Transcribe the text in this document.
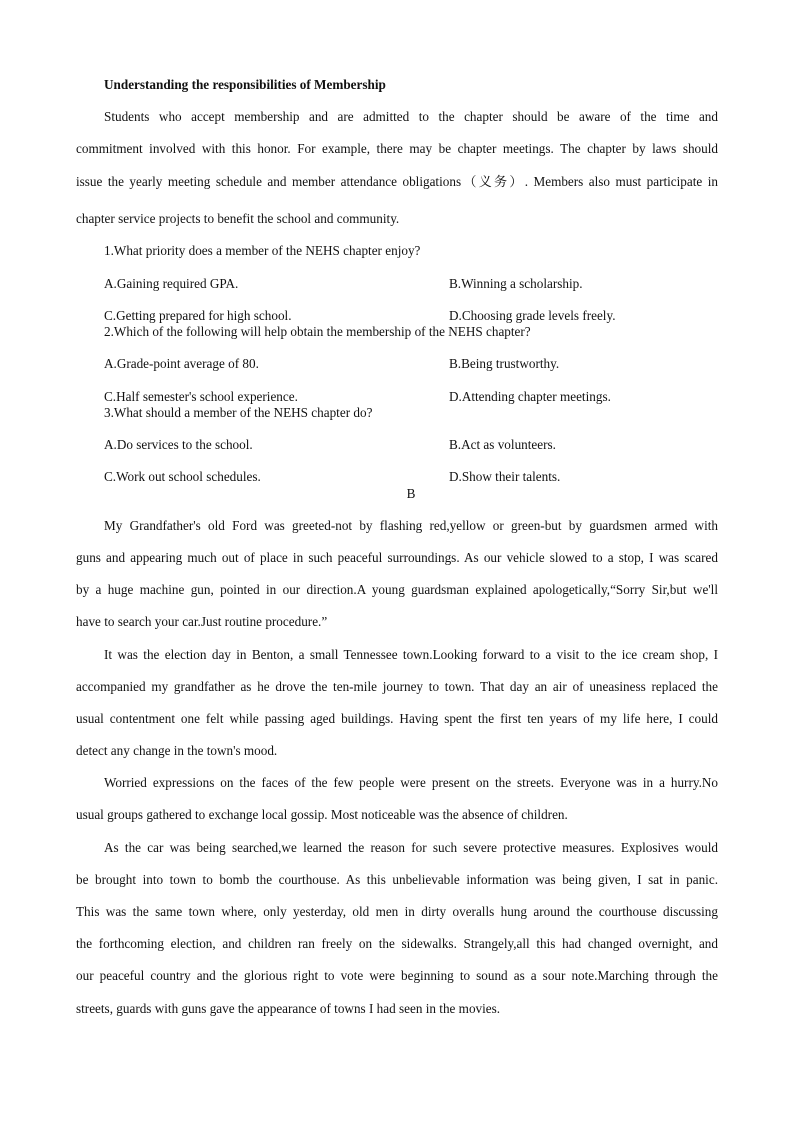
Understanding the responsibilities of Membership
Students who accept membership and are admitted to the chapter should be aware of the time and
commitment involved with this honor. For example, there may be chapter meetings. The chapter by laws should
issue the yearly meeting schedule and member attendance obligations（义务）. Members also must participate in
chapter service projects to benefit the school and community.
1.What priority does a member of the NEHS chapter enjoy?
A.Gaining required GPA.	B.Winning a scholarship.
C.Getting prepared for high school.	D.Choosing grade levels freely.
2.Which of the following will help obtain the membership of the NEHS chapter?
A.Grade-point average of 80.	B.Being trustworthy.
C.Half semester's school experience.	D.Attending chapter meetings.
3.What should a member of the NEHS chapter do?
A.Do services to the school.	B.Act as volunteers.
C.Work out school schedules.	D.Show their talents.
B
My Grandfather's old Ford was greeted-not by flashing red,yellow or green-but by guardsmen armed with
guns and appearing much out of place in such peaceful surroundings. As our vehicle slowed to a stop, I was scared
by a huge machine gun, pointed in our direction.A young guardsman explained apologetically,“Sorry Sir,but we'll
have to search your car.Just routine procedure.”
It was the election day in Benton, a small Tennessee town.Looking forward to a visit to the ice cream shop, I
accompanied my grandfather as he drove the ten-mile journey to town. That day an air of uneasiness replaced the
usual contentment one felt while passing aged buildings. Having spent the first ten years of my life here, I could
detect any change in the town's mood.
Worried expressions on the faces of the few people were present on the streets. Everyone was in a hurry.No
usual groups gathered to exchange local gossip. Most noticeable was the absence of children.
As the car was being searched,we learned the reason for such severe protective measures. Explosives would
be brought into town to bomb the courthouse. As this unbelievable information was being given, I sat in panic.
This was the same town where, only yesterday, old men in dirty overalls hung around the courthouse discussing
the forthcoming election, and children ran freely on the sidewalks. Strangely,all this had changed overnight, and
our peaceful country and the glorious right to vote were beginning to sound as a sour note.Marching through the
streets, guards with guns gave the appearance of towns I had seen in the movies.
